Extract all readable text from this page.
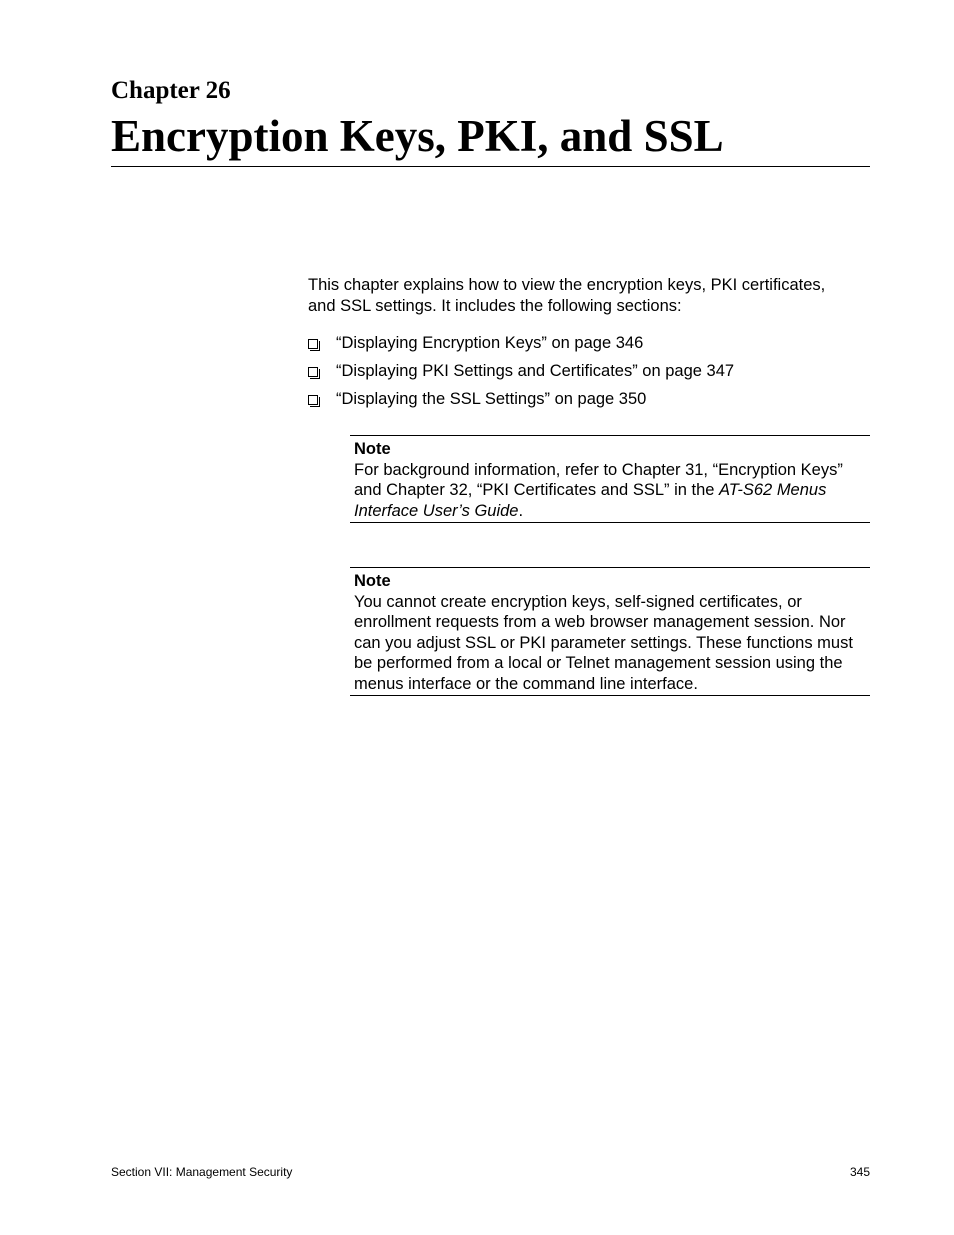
Chapter 26
Encryption Keys, PKI, and SSL

This chapter explains how to view the encryption keys, PKI certificates, and SSL settings. It includes the following sections:

“Displaying Encryption Keys” on page 346
“Displaying PKI Settings and Certificates” on page 347
“Displaying the SSL Settings” on page 350
Note
For background information, refer to Chapter 31, “Encryption Keys” and Chapter 32, “PKI Certificates and SSL” in the AT-S62 Menus Interface User’s Guide.
Note
You cannot create encryption keys, self-signed certificates, or enrollment requests from a web browser management session. Nor can you adjust SSL or PKI parameter settings. These functions must be performed from a local or Telnet management session using the menus interface or the command line interface.
Section VII: Management Security	345
